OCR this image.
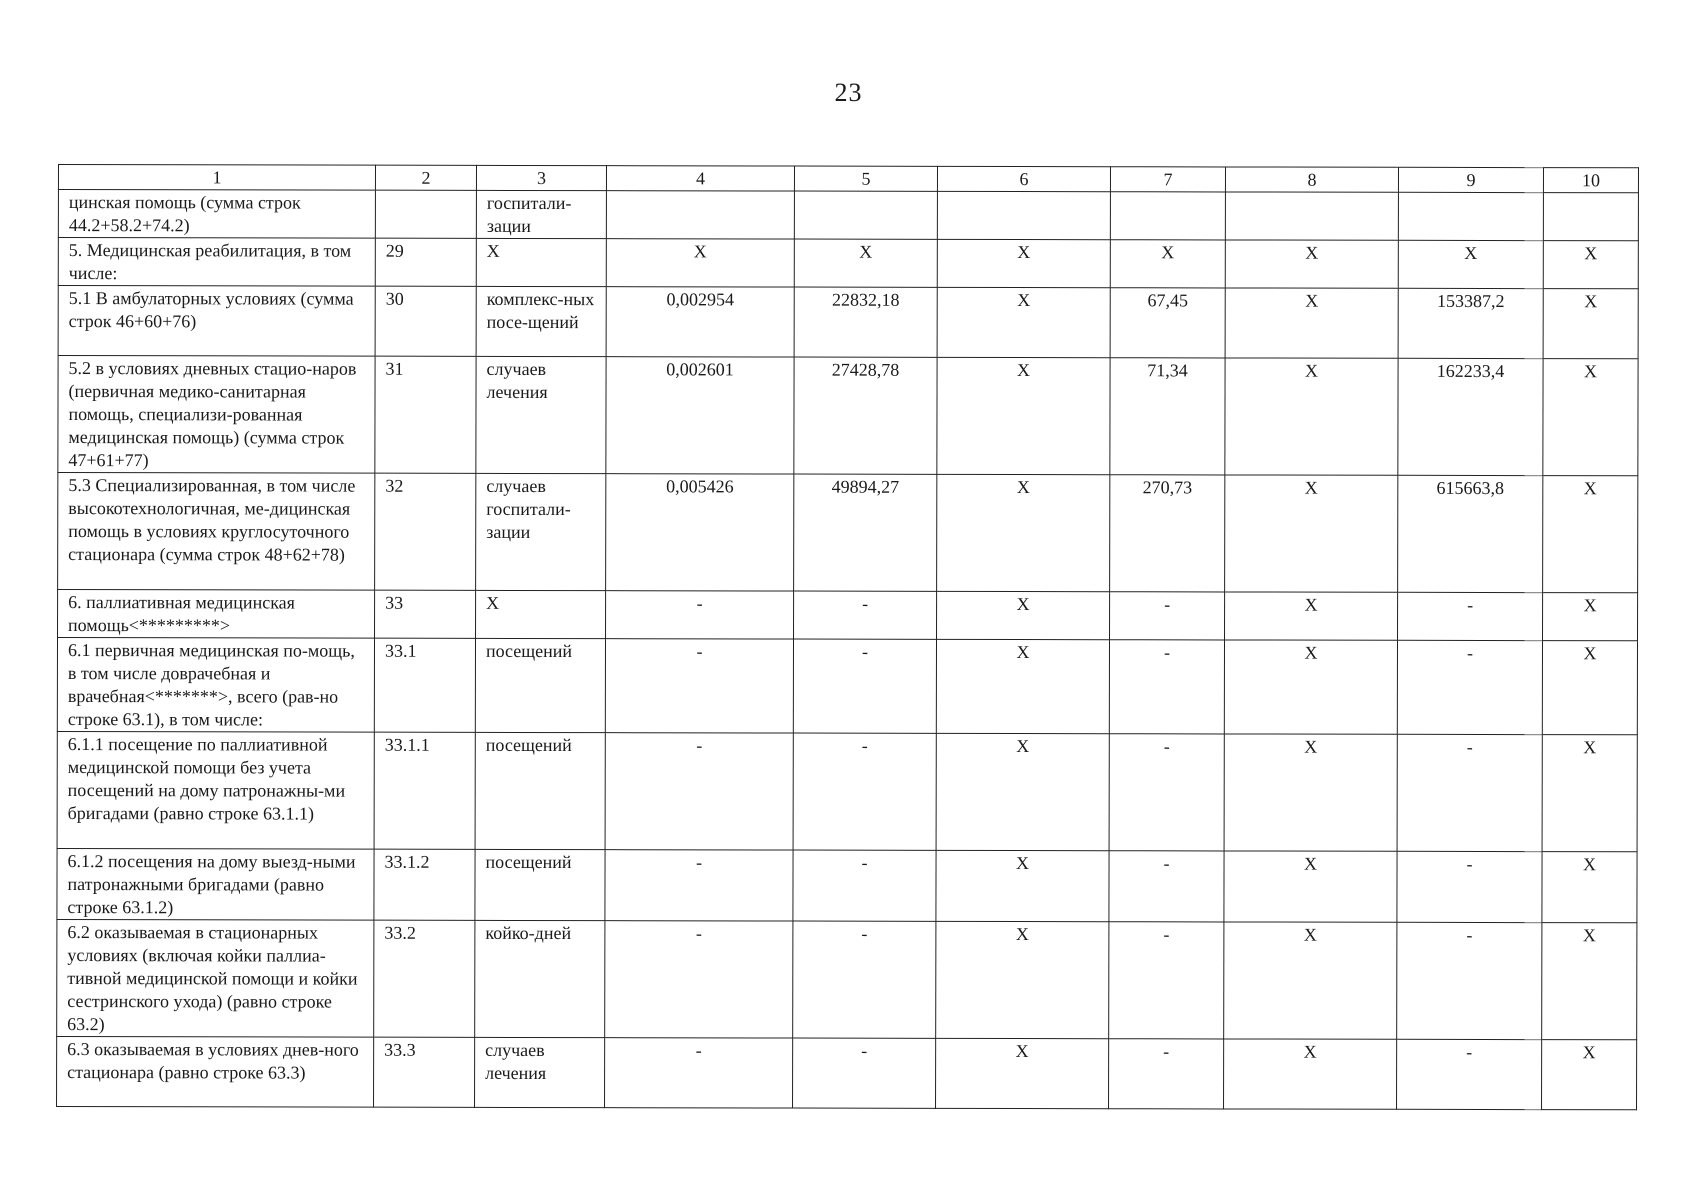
23
1	2	3	4	5	6	7	8	9	10
цинская помощь (сумма строк 44.2+58.2+74.2)		госпитали-зации							
5. Медицинская реабилитация, в том числе:	29	X	X	X	X	X	X	X	X
5.1 В амбулаторных условиях (сумма строк 46+60+76)	30	комплекс-ных посе-щений	0,002954	22832,18	X	67,45	X	153387,2	X
5.2 в условиях дневных стацио-наров (первичная медико-санитарная помощь, специализи-рованная медицинская помощь) (сумма строк 47+61+77)	31	случаев лечения	0,002601	27428,78	X	71,34	X	162233,4	X
5.3 Специализированная, в том числе высокотехнологичная, ме-дицинская помощь в условиях круглосуточного стационара (сумма строк 48+62+78)	32	случаев госпитали-зации	0,005426	49894,27	X	270,73	X	615663,8	X
6. паллиативная медицинская помощь<*********>	33	X	-	-	X	-	X	-	X
6.1 первичная медицинская по-мощь, в том числе доврачебная и врачебная<*******>, всего (рав-но строке 63.1), в том числе:	33.1	посещений	-	-	X	-	X	-	X
6.1.1 посещение по паллиативной медицинской помощи без учета посещений на дому патронажны-ми бригадами (равно строке 63.1.1)	33.1.1	посещений	-	-	X	-	X	-	X
6.1.2 посещения на дому выезд-ными патронажными бригадами (равно строке 63.1.2)	33.1.2	посещений	-	-	X	-	X	-	X
6.2 оказываемая в стационарных условиях (включая койки паллиа-тивной медицинской помощи и койки сестринского ухода) (равно строке 63.2)	33.2	койко-дней	-	-	X	-	X	-	X
6.3 оказываемая в условиях днев-ного стационара (равно строке 63.3)	33.3	случаев лечения	-	-	X	-	X	-	X
